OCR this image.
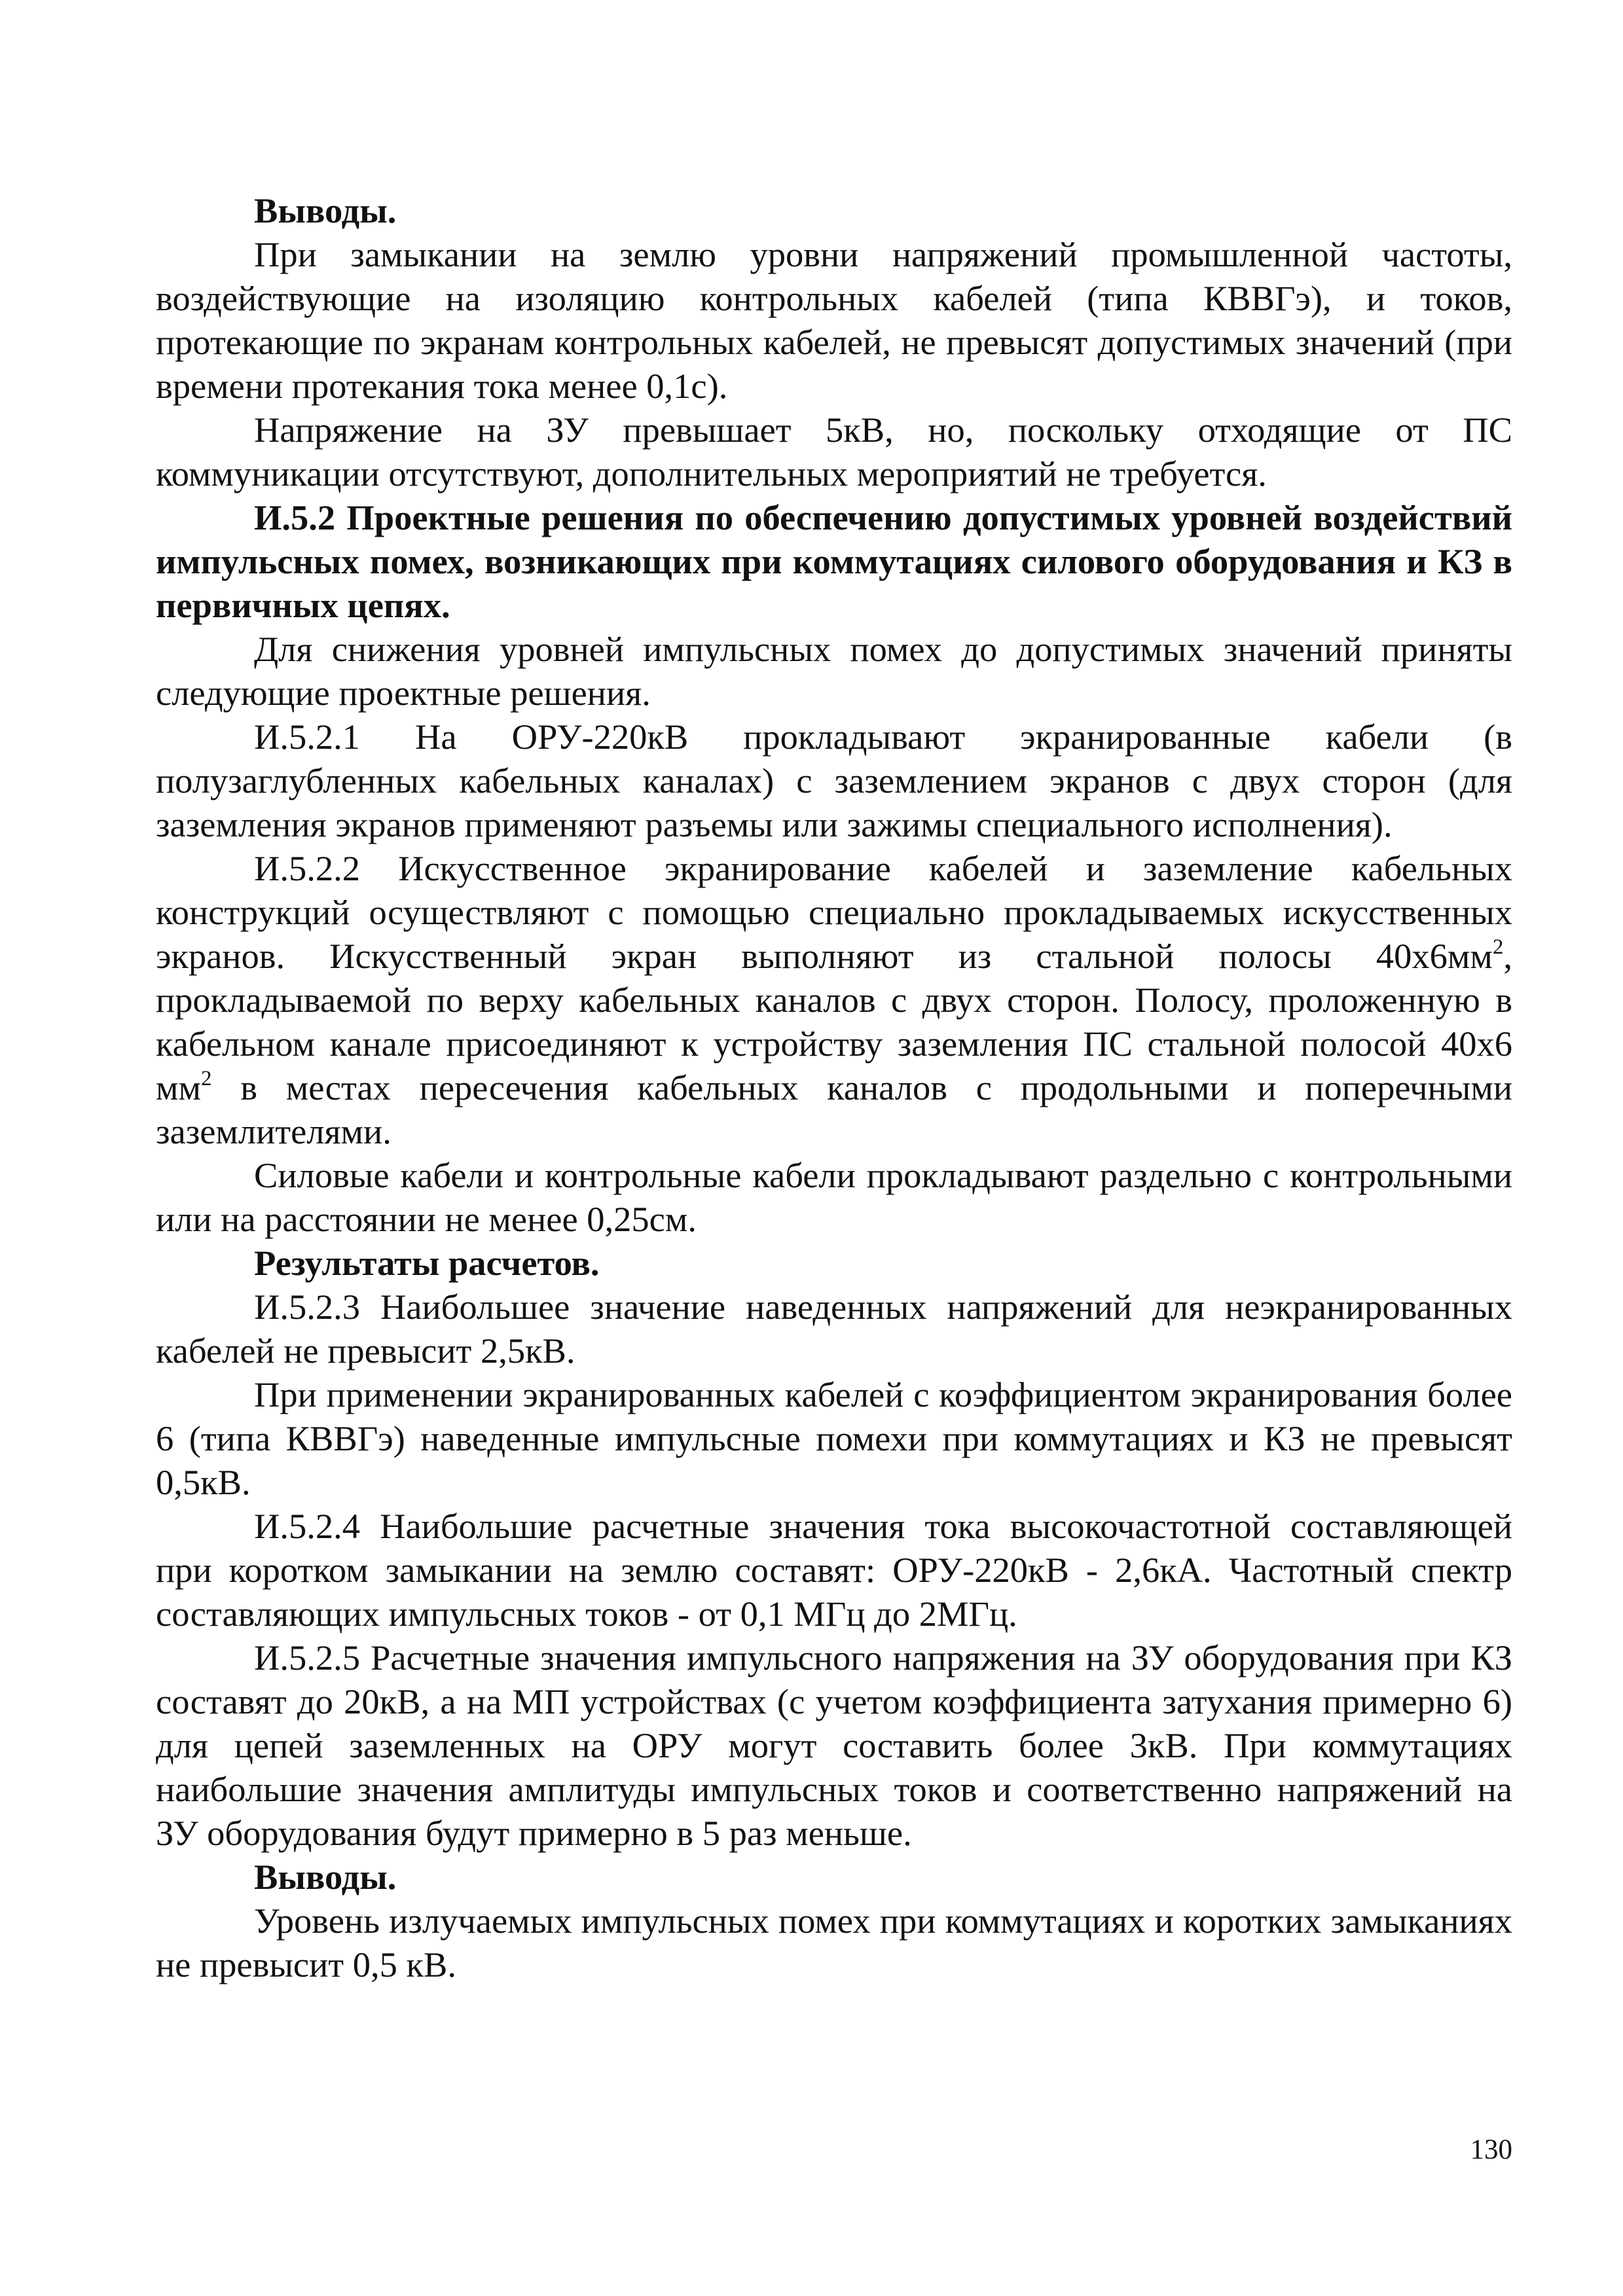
Выводы.

При замыкании на землю уровни напряжений промышленной частоты, воздействующие на изоляцию контрольных кабелей (типа КВВГэ), и токов, протекающие по экранам контрольных кабелей, не превысят допустимых значений (при времени протекания тока менее 0,1с).

Напряжение на ЗУ превышает 5кВ, но, поскольку отходящие от ПС коммуникации отсутствуют, дополнительных мероприятий не требуется.

И.5.2 Проектные решения по обеспечению допустимых уровней воздействий импульсных помех, возникающих при коммутациях силового оборудования и КЗ в первичных цепях.

Для снижения уровней импульсных помех до допустимых значений приняты следующие проектные решения.

И.5.2.1 На ОРУ-220кВ прокладывают экранированные кабели (в полузаглубленных кабельных каналах) с заземлением экранов с двух сторон (для заземления экранов применяют разъемы или зажимы специального исполнения).

И.5.2.2 Искусственное экранирование кабелей и заземление кабельных конструкций осуществляют с помощью специально прокладываемых искусственных экранов. Искусственный экран выполняют из стальной полосы $40х6мм^2$, прокладываемой по верху кабельных каналов с двух сторон. Полосу, проложенную в кабельном канале присоединяют к устройству заземления ПС стальной полосой 40х6 $мм^2$ в местах пересечения кабельных каналов с продольными и поперечными заземлителями.

Силовые кабели и контрольные кабели прокладывают раздельно с контрольными или на расстоянии не менее 0,25см.

Результаты расчетов.

И.5.2.3 Наибольшее значение наведенных напряжений для неэкранированных кабелей не превысит 2,5кВ.

При применении экранированных кабелей с коэффициентом экранирования более 6 (типа КВВГэ) наведенные импульсные помехи при коммутациях и КЗ не превысят 0,5кВ.

И.5.2.4 Наибольшие расчетные значения тока высокочастотной составляющей при коротком замыкании на землю составят: ОРУ-220кВ - 2,6кА. Частотный спектр составляющих импульсных токов - от 0,1 МГц до 2МГц.

И.5.2.5 Расчетные значения импульсного напряжения на ЗУ оборудования при КЗ составят до 20кВ, а на МП устройствах (с учетом коэффициента затухания примерно 6) для цепей заземленных на ОРУ могут составить более 3кВ. При коммутациях наибольшие значения амплитуды импульсных токов и соответственно напряжений на ЗУ оборудования будут примерно в 5 раз меньше.

Выводы.

Уровень излучаемых импульсных помех при коммутациях и коротких замыканиях не превысит 0,5 кВ.

130
